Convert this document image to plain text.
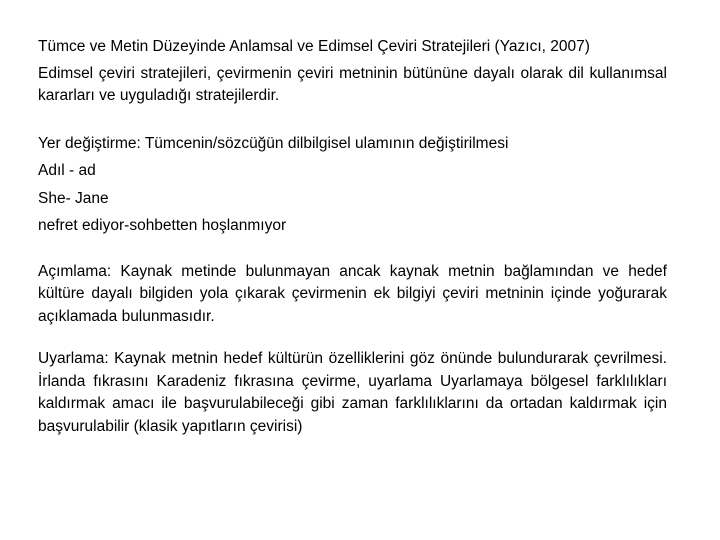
Tümce ve Metin Düzeyinde Anlamsal ve Edimsel Çeviri Stratejileri (Yazıcı, 2007)

Edimsel çeviri stratejileri, çevirmenin çeviri metninin bütününe dayalı olarak dil kullanımsal kararları ve uyguladığı stratejilerdir.

Yer değiştirme: Tümcenin/sözcüğün dilbilgisel ulamının değiştirilmesi
Adıl - ad
She- Jane
nefret ediyor-sohbetten hoşlanmıyor

Açımlama: Kaynak metinde bulunmayan ancak kaynak metnin bağlamından ve hedef kültüre dayalı bilgiden yola çıkarak çevirmenin ek bilgiyi çeviri metninin içinde yoğurarak açıklamada bulunmasıdır.

Uyarlama: Kaynak metnin hedef kültürün özelliklerini göz önünde bulundurarak çevrilmesi. İrlanda fıkrasını Karadeniz fıkrasına çevirme, uyarlama Uyarlamaya bölgesel farklılıkları kaldırmak amacı ile başvurulabileceği gibi zaman farklılıklarını da ortadan kaldırmak için başvurulabilir (klasik yapıtların çevirisi)
